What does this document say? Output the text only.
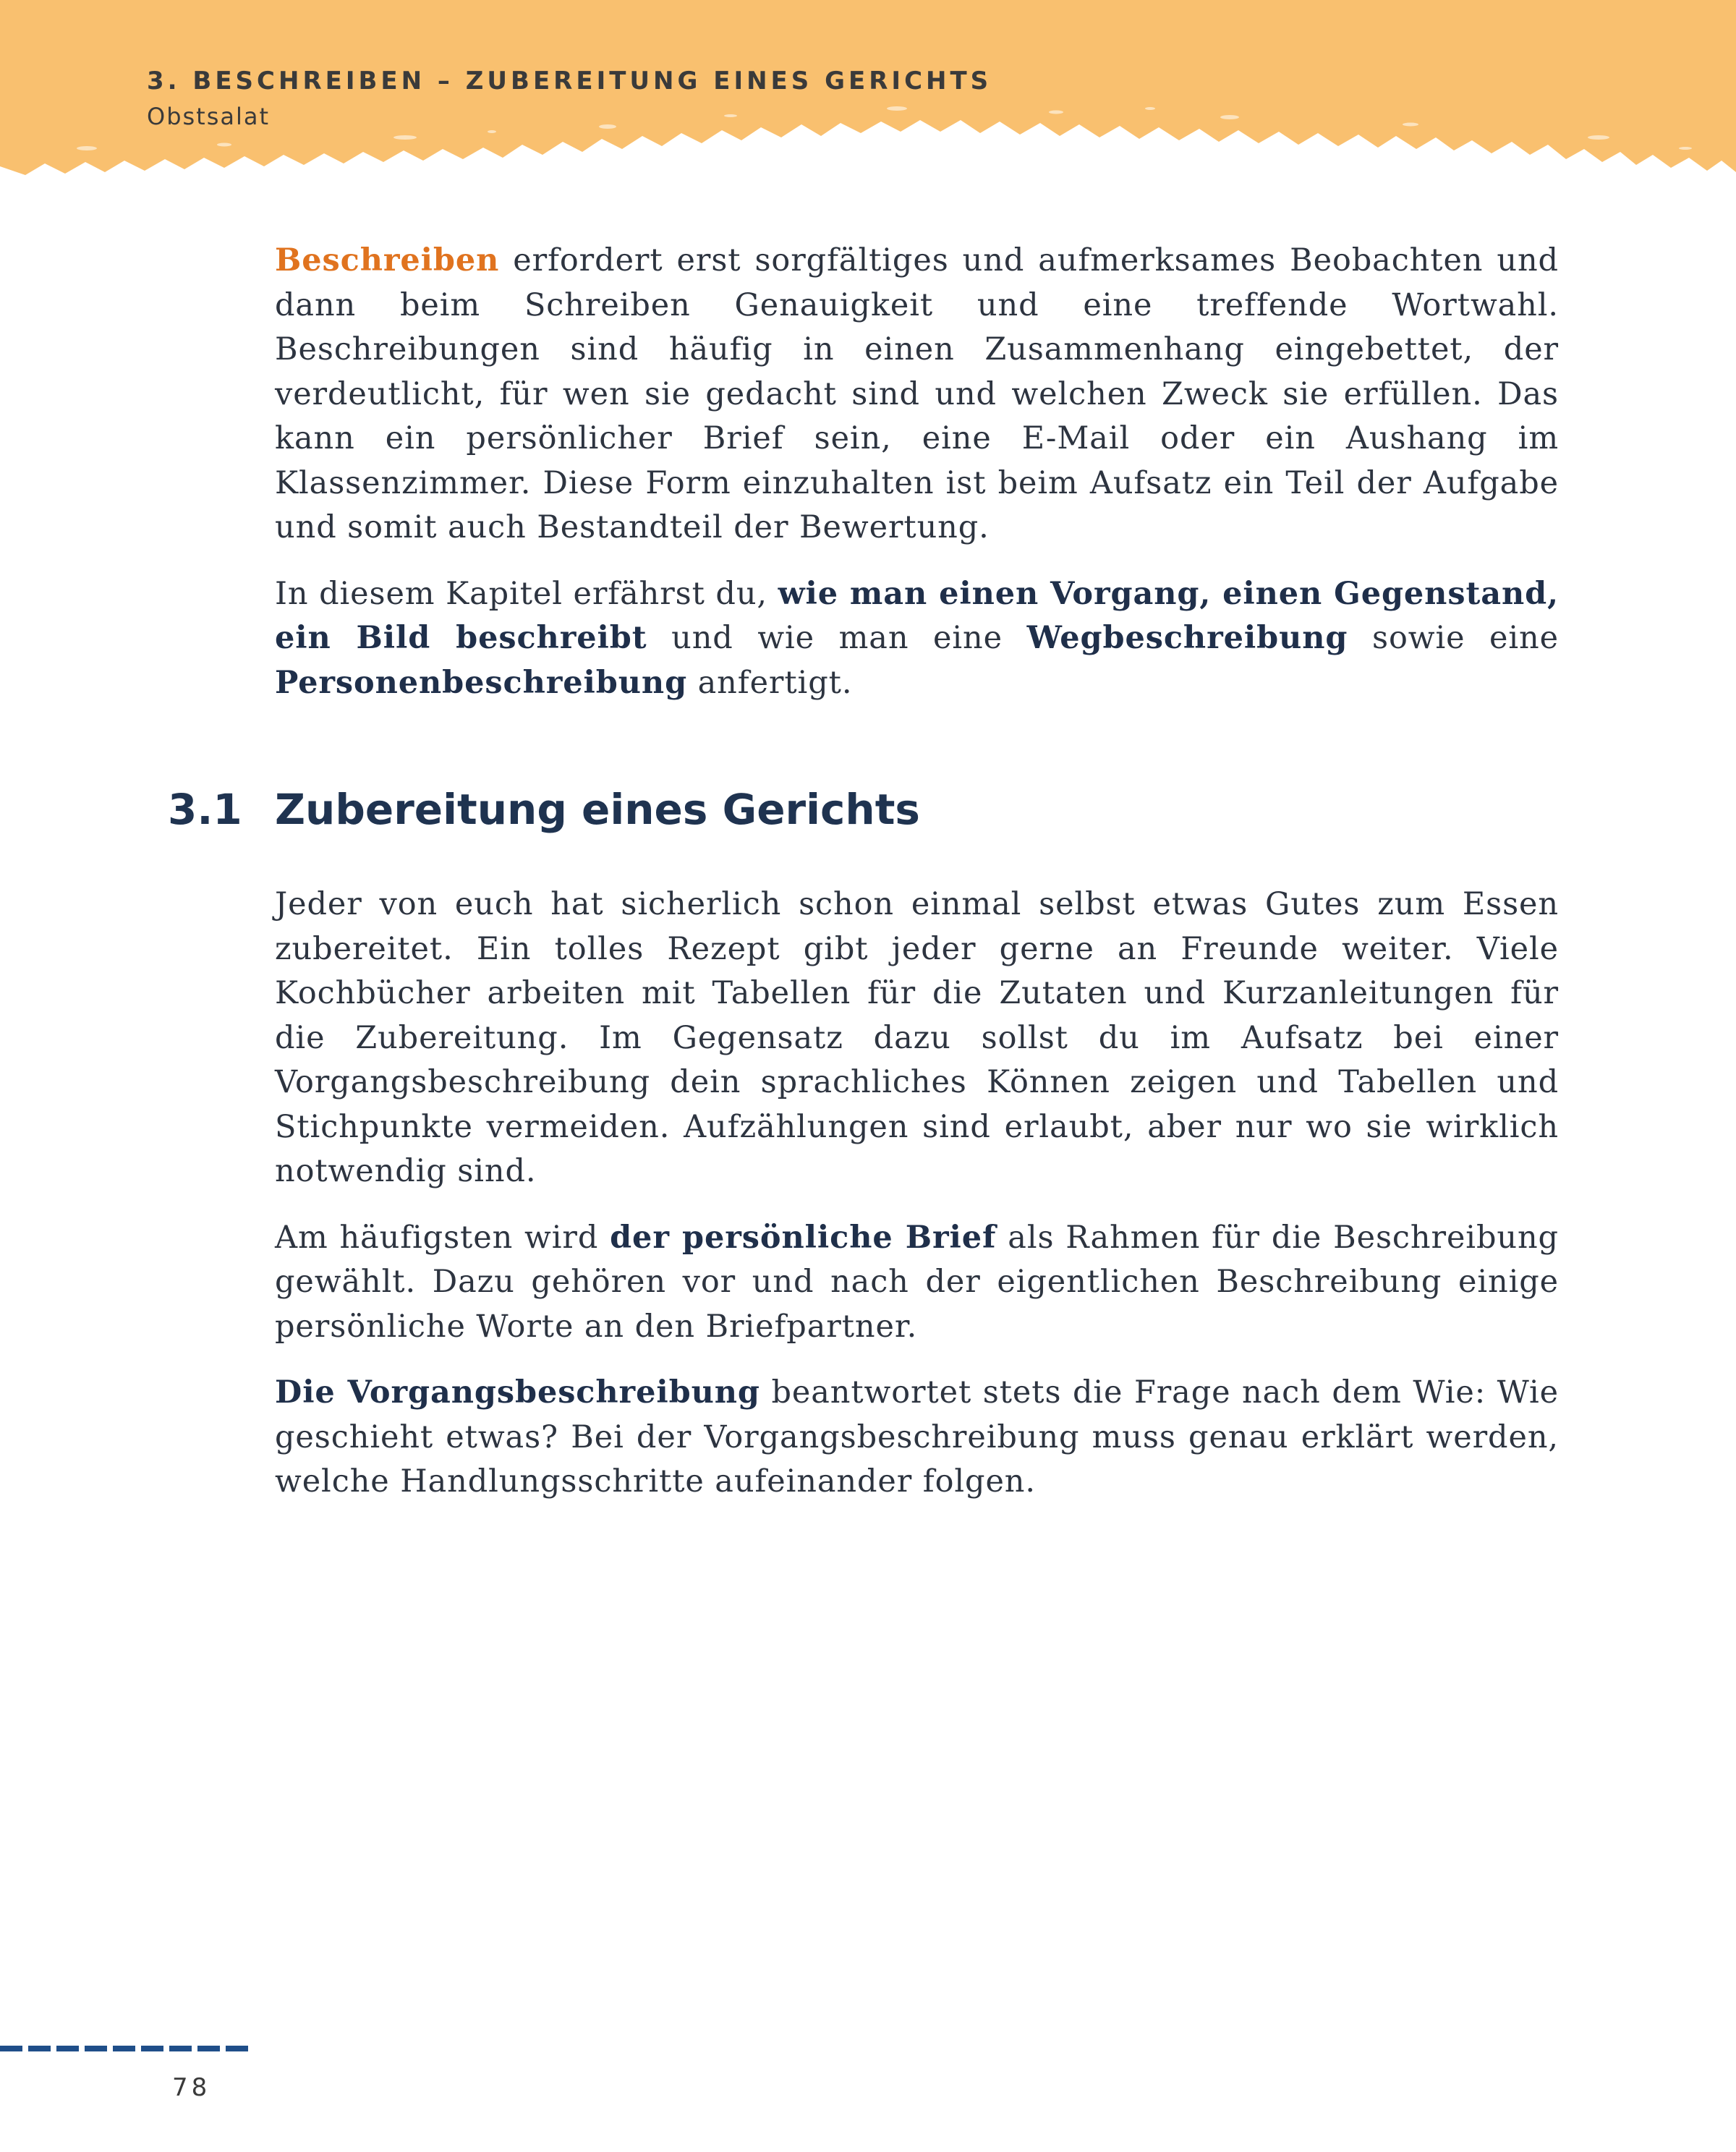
3. BESCHREIBEN – ZUBEREITUNG EINES GERICHTS
Obstsalat

Beschreiben erfordert erst sorgfältiges und aufmerksames Beobachten und dann beim Schreiben Genauigkeit und eine treffende Wortwahl. Beschreibungen sind häufig in einen Zusammenhang eingebettet, der verdeutlicht, für wen sie gedacht sind und welchen Zweck sie erfüllen. Das kann ein persönlicher Brief sein, eine E-Mail oder ein Aushang im Klassenzimmer. Diese Form einzuhalten ist beim Aufsatz ein Teil der Aufgabe und somit auch Bestandteil der Bewertung.

In diesem Kapitel erfährst du, wie man einen Vorgang, einen Gegenstand, ein Bild beschreibt und wie man eine Wegbeschreibung sowie eine Personenbeschreibung anfertigt.

3.1 Zubereitung eines Gerichts

Jeder von euch hat sicherlich schon einmal selbst etwas Gutes zum Essen zubereitet. Ein tolles Rezept gibt jeder gerne an Freunde weiter. Viele Kochbücher arbeiten mit Tabellen für die Zutaten und Kurzanleitungen für die Zubereitung. Im Gegensatz dazu sollst du im Aufsatz bei einer Vorgangsbeschreibung dein sprachliches Können zeigen und Tabellen und Stichpunkte vermeiden. Aufzählungen sind erlaubt, aber nur wo sie wirklich notwendig sind.

Am häufigsten wird der persönliche Brief als Rahmen für die Beschreibung gewählt. Dazu gehören vor und nach der eigentlichen Beschreibung einige persönliche Worte an den Briefpartner.

Die Vorgangsbeschreibung beantwortet stets die Frage nach dem Wie: Wie geschieht etwas? Bei der Vorgangsbeschreibung muss genau erklärt werden, welche Handlungsschritte aufeinander folgen.

78
